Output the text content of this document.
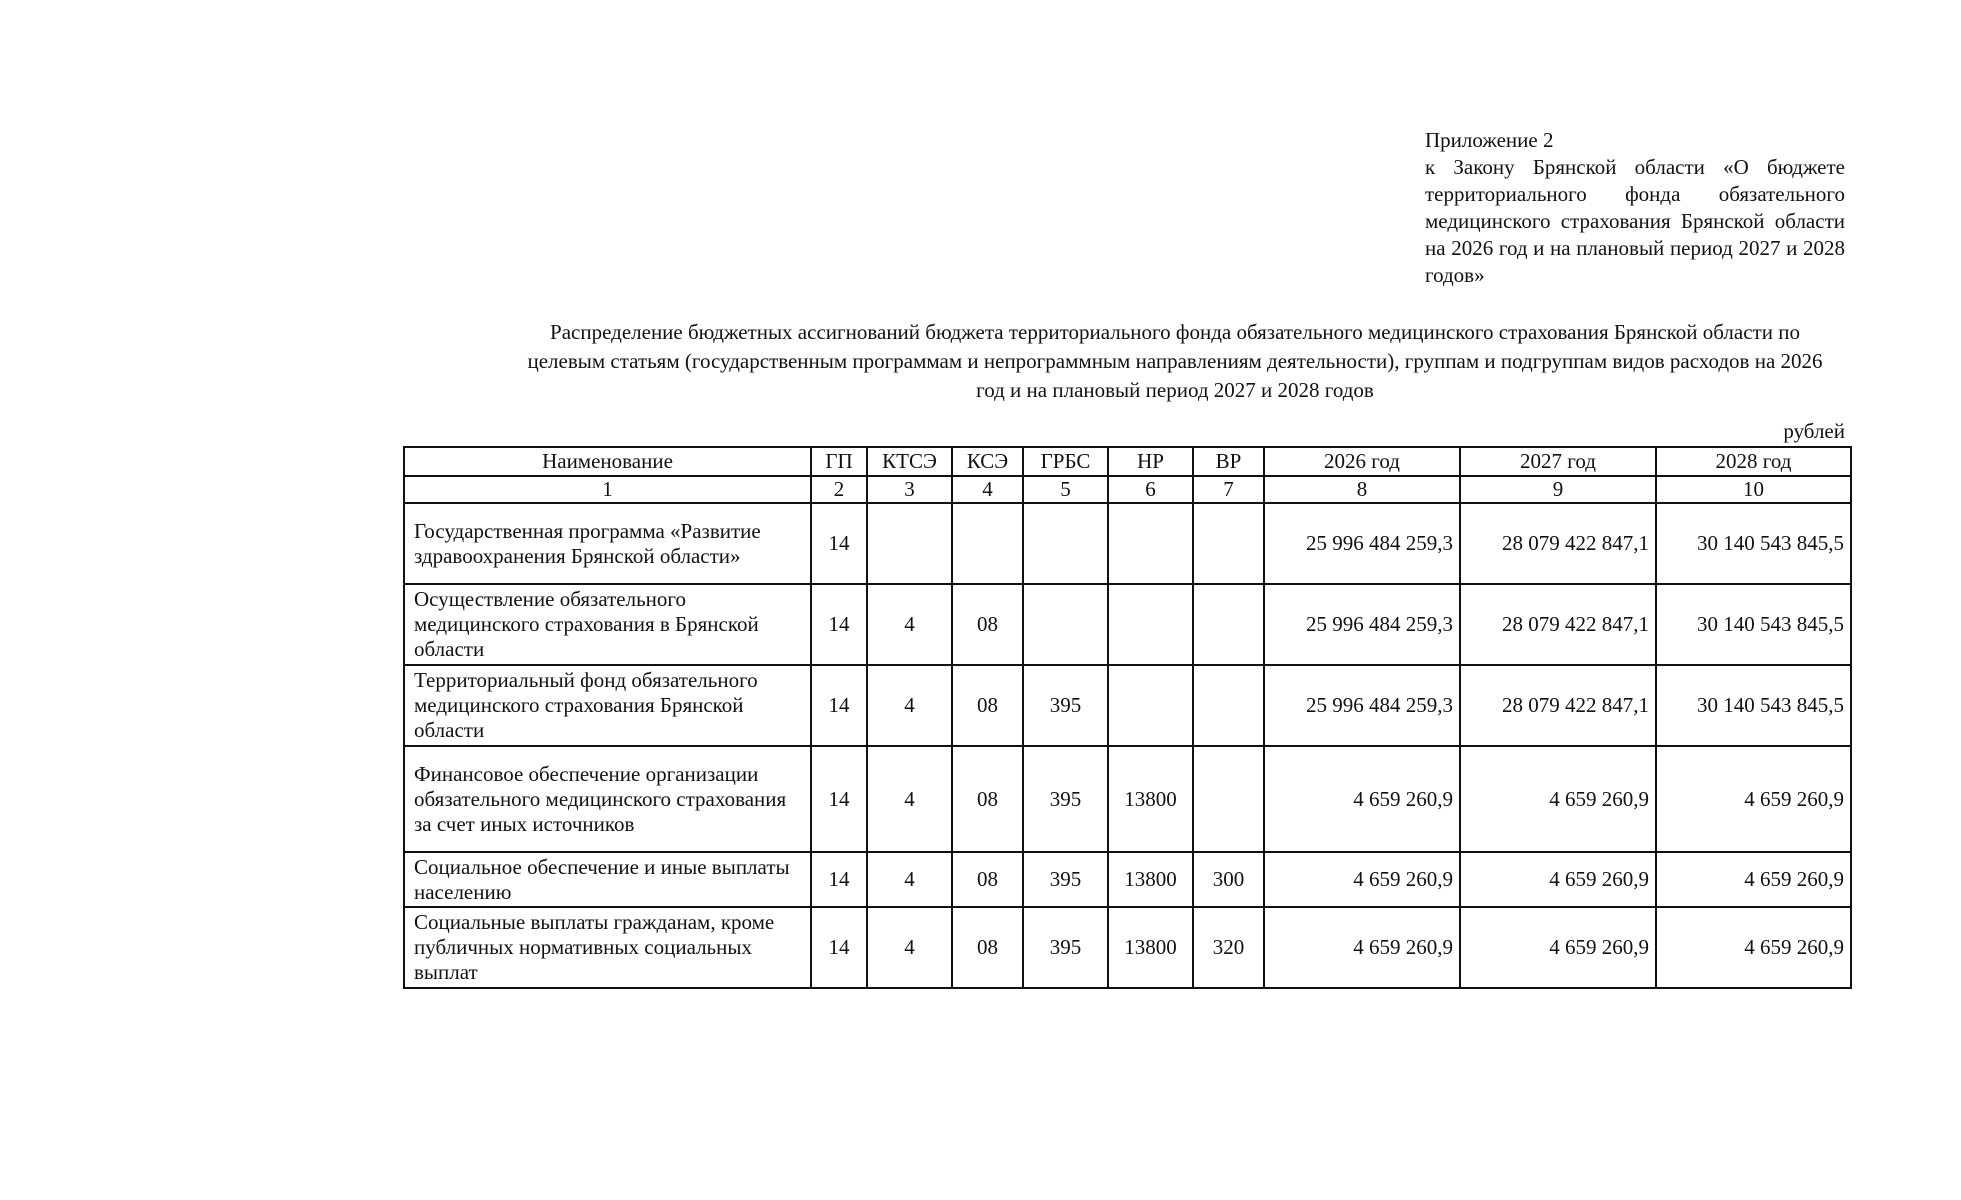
Приложение 2
к Закону Брянской области «О бюджете территориального фонда обязательного медицинского страхования Брянской области на 2026 год и на плановый период 2027 и 2028 годов»
Распределение бюджетных ассигнований бюджета территориального фонда обязательного медицинского страхования Брянской области по целевым статьям (государственным программам и непрограммным направлениям деятельности), группам и подгруппам видов расходов на 2026 год и на плановый период 2027 и 2028 годов
рублей
Наименование	ГП	КТСЭ	КСЭ	ГРБС	НР	ВР	2026 год	2027 год	2028 год
1	2	3	4	5	6	7	8	9	10
Государственная программа «Развитие здравоохранения Брянской области»	14						25 996 484 259,3	28 079 422 847,1	30 140 543 845,5
Осуществление обязательного медицинского страхования в Брянской области	14	4	08				25 996 484 259,3	28 079 422 847,1	30 140 543 845,5
Территориальный фонд обязательного медицинского страхования Брянской области	14	4	08	395			25 996 484 259,3	28 079 422 847,1	30 140 543 845,5
Финансовое обеспечение организации обязательного медицинского страхования за счет иных источников	14	4	08	395	13800		4 659 260,9	4 659 260,9	4 659 260,9
Социальное обеспечение и иные выплаты населению	14	4	08	395	13800	300	4 659 260,9	4 659 260,9	4 659 260,9
Социальные выплаты гражданам, кроме публичных нормативных социальных выплат	14	4	08	395	13800	320	4 659 260,9	4 659 260,9	4 659 260,9
